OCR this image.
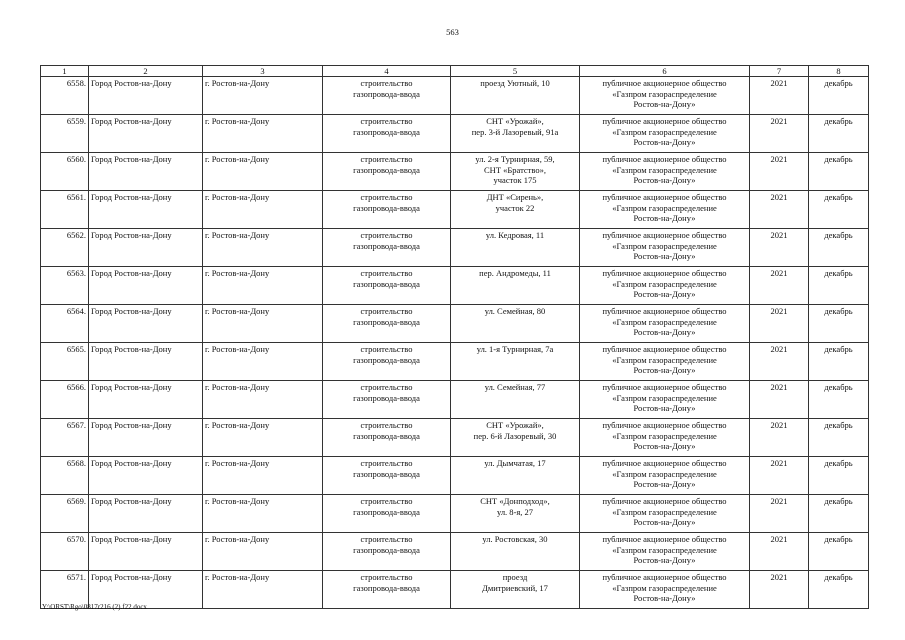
563
1	2	3	4	5	6	7	8
6558.	Город Ростов-на-Дону	г. Ростов-на-Дону	строительство
газопровода-ввода	проезд Уютный, 10	публичное акционерное общество
«Газпром газораспределение
Ростов-на-Дону»	2021	декабрь
6559.	Город Ростов-на-Дону	г. Ростов-на-Дону	строительство
газопровода-ввода	СНТ «Урожай»,
пер. 3-й Лазоревый, 91а	публичное акционерное общество
«Газпром газораспределение
Ростов-на-Дону»	2021	декабрь
6560.	Город Ростов-на-Дону	г. Ростов-на-Дону	строительство
газопровода-ввода	ул. 2-я Турнирная, 59,
СНТ «Братство»,
участок 175	публичное акционерное общество
«Газпром газораспределение
Ростов-на-Дону»	2021	декабрь
6561.	Город Ростов-на-Дону	г. Ростов-на-Дону	строительство
газопровода-ввода	ДНТ «Сирень»,
участок 22	публичное акционерное общество
«Газпром газораспределение
Ростов-на-Дону»	2021	декабрь
6562.	Город Ростов-на-Дону	г. Ростов-на-Дону	строительство
газопровода-ввода	ул. Кедровая, 11	публичное акционерное общество
«Газпром газораспределение
Ростов-на-Дону»	2021	декабрь
6563.	Город Ростов-на-Дону	г. Ростов-на-Дону	строительство
газопровода-ввода	пер. Андромеды, 11	публичное акционерное общество
«Газпром газораспределение
Ростов-на-Дону»	2021	декабрь
6564.	Город Ростов-на-Дону	г. Ростов-на-Дону	строительство
газопровода-ввода	ул. Семейная, 80	публичное акционерное общество
«Газпром газораспределение
Ростов-на-Дону»	2021	декабрь
6565.	Город Ростов-на-Дону	г. Ростов-на-Дону	строительство
газопровода-ввода	ул. 1-я Турнирная, 7а	публичное акционерное общество
«Газпром газораспределение
Ростов-на-Дону»	2021	декабрь
6566.	Город Ростов-на-Дону	г. Ростов-на-Дону	строительство
газопровода-ввода	ул. Семейная, 77	публичное акционерное общество
«Газпром газораспределение
Ростов-на-Дону»	2021	декабрь
6567.	Город Ростов-на-Дону	г. Ростов-на-Дону	строительство
газопровода-ввода	СНТ «Урожай»,
пер. 6-й Лазоревый, 30	публичное акционерное общество
«Газпром газораспределение
Ростов-на-Дону»	2021	декабрь
6568.	Город Ростов-на-Дону	г. Ростов-на-Дону	строительство
газопровода-ввода	ул. Дымчатая, 17	публичное акционерное общество
«Газпром газораспределение
Ростов-на-Дону»	2021	декабрь
6569.	Город Ростов-на-Дону	г. Ростов-на-Дону	строительство
газопровода-ввода	СНТ «Донподход»,
ул. 8-я, 27	публичное акционерное общество
«Газпром газораспределение
Ростов-на-Дону»	2021	декабрь
6570.	Город Ростов-на-Дону	г. Ростов-на-Дону	строительство
газопровода-ввода	ул. Ростовская, 30	публичное акционерное общество
«Газпром газораспределение
Ростов-на-Дону»	2021	декабрь
6571.	Город Ростов-на-Дону	г. Ростов-на-Дону	строительство
газопровода-ввода	проезд
Дмитриевский, 17	публичное акционерное общество
«Газпром газораспределение
Ростов-на-Дону»	2021	декабрь
Y:\ORST\Rgo\0817r216 (2).f22.docx
